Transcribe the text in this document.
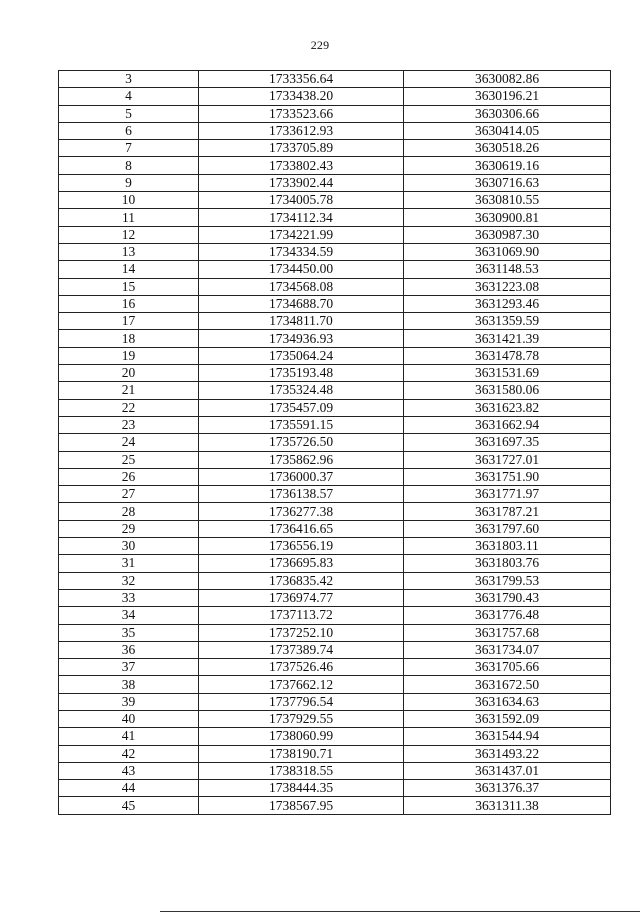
229
3	1733356.64	3630082.86
4	1733438.20	3630196.21
5	1733523.66	3630306.66
6	1733612.93	3630414.05
7	1733705.89	3630518.26
8	1733802.43	3630619.16
9	1733902.44	3630716.63
10	1734005.78	3630810.55
11	1734112.34	3630900.81
12	1734221.99	3630987.30
13	1734334.59	3631069.90
14	1734450.00	3631148.53
15	1734568.08	3631223.08
16	1734688.70	3631293.46
17	1734811.70	3631359.59
18	1734936.93	3631421.39
19	1735064.24	3631478.78
20	1735193.48	3631531.69
21	1735324.48	3631580.06
22	1735457.09	3631623.82
23	1735591.15	3631662.94
24	1735726.50	3631697.35
25	1735862.96	3631727.01
26	1736000.37	3631751.90
27	1736138.57	3631771.97
28	1736277.38	3631787.21
29	1736416.65	3631797.60
30	1736556.19	3631803.11
31	1736695.83	3631803.76
32	1736835.42	3631799.53
33	1736974.77	3631790.43
34	1737113.72	3631776.48
35	1737252.10	3631757.68
36	1737389.74	3631734.07
37	1737526.46	3631705.66
38	1737662.12	3631672.50
39	1737796.54	3631634.63
40	1737929.55	3631592.09
41	1738060.99	3631544.94
42	1738190.71	3631493.22
43	1738318.55	3631437.01
44	1738444.35	3631376.37
45	1738567.95	3631311.38
